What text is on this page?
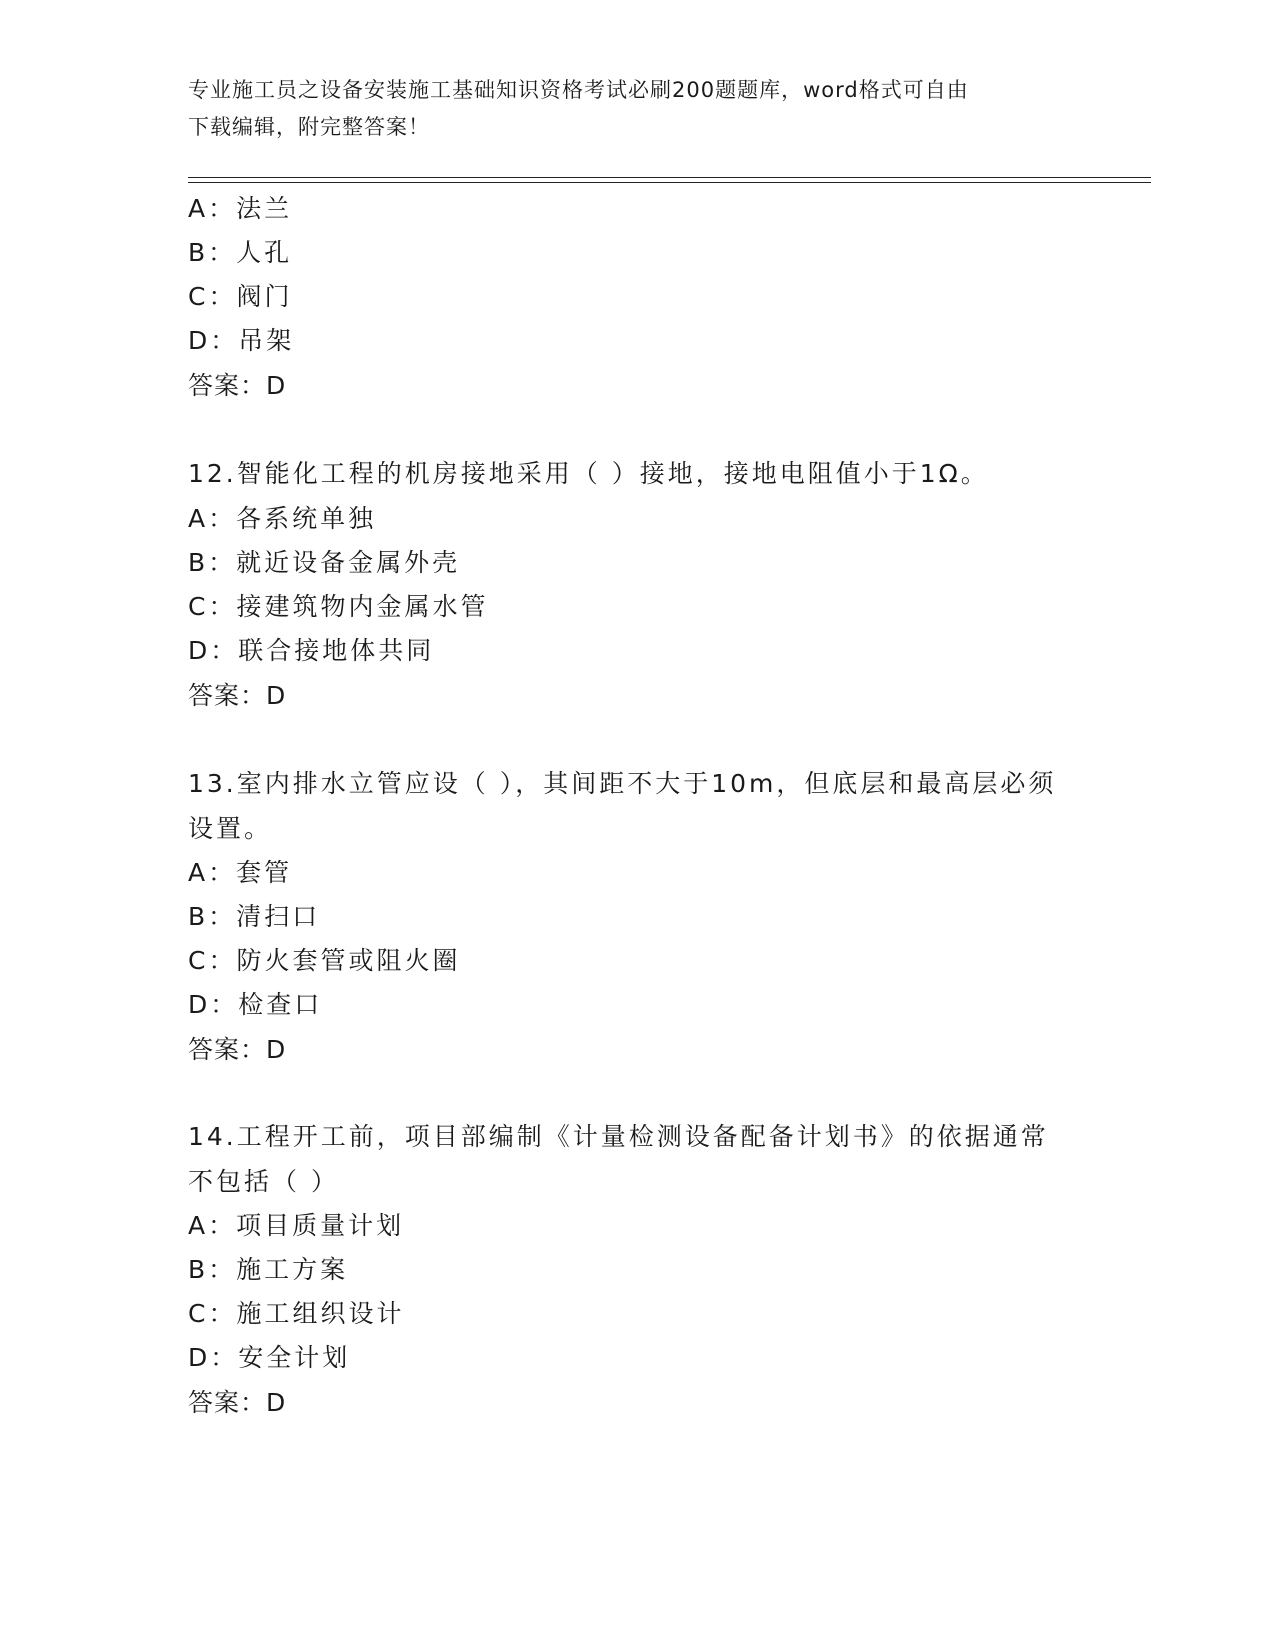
专业施工员之设备安装施工基础知识资格考试必刷200题题库，word格式可自由
下载编辑，附完整答案！
A：法兰
B：人孔
C：阀门
D：吊架
答案：D
12.智能化工程的机房接地采用（ ）接地，接地电阻值小于1Ω。
A：各系统单独
B：就近设备金属外壳
C：接建筑物内金属水管
D：联合接地体共同
答案：D
13.室内排水立管应设（ ），其间距不大于10m，但底层和最高层必须
设置。
A：套管
B：清扫口
C：防火套管或阻火圈
D：检查口
答案：D
14.工程开工前，项目部编制《计量检测设备配备计划书》的依据通常
不包括（ ）
A：项目质量计划
B：施工方案
C：施工组织设计
D：安全计划
答案：D
